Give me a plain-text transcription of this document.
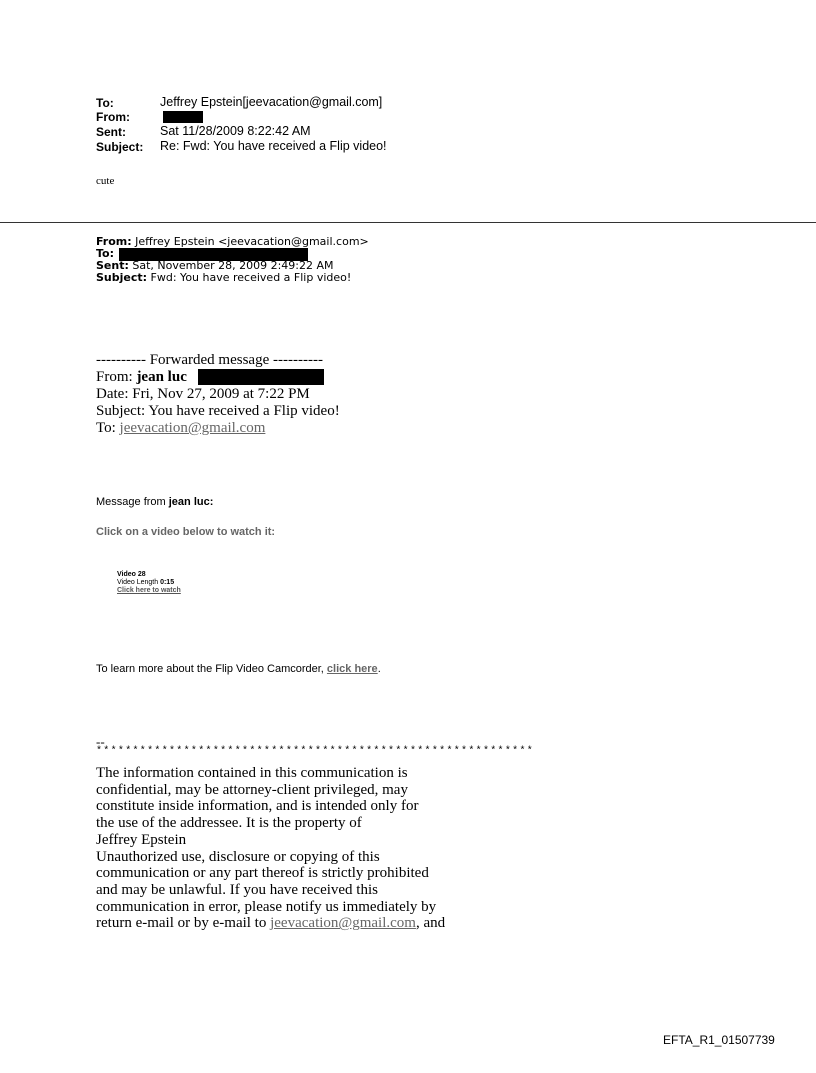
To:	Jeffrey Epstein[jeevacation@gmail.com]
From:
Sent:	Sat 11/28/2009 8:22:42 AM
Subject: Re: Fwd: You have received a Flip video!
cute
From: Jeffrey Epstein <jeevacation@gmail.com>
To:
Sent: Sat, November 28, 2009 2:49:22 AM
Subject: Fwd: You have received a Flip video!
---------- Forwarded message ----------
From: jean luc
Date: Fri, Nov 27, 2009 at 7:22 PM
Subject: You have received a Flip video!
To: jeevacation@gmail.com
Message from jean luc:
Click on a video below to watch it:
Video 28
Video Length 0:15
Click here to watch
To learn more about the Flip Video Camcorder, click here.
--
************************************************************
The information contained in this communication is
confidential, may be attorney-client privileged, may
constitute inside information, and is intended only for
the use of the addressee. It is the property of
Jeffrey Epstein
Unauthorized use, disclosure or copying of this
communication or any part thereof is strictly prohibited
and may be unlawful. If you have received this
communication in error, please notify us immediately by
return e-mail or by e-mail to jeevacation@gmail.com, and
EFTA_R1_01507739
